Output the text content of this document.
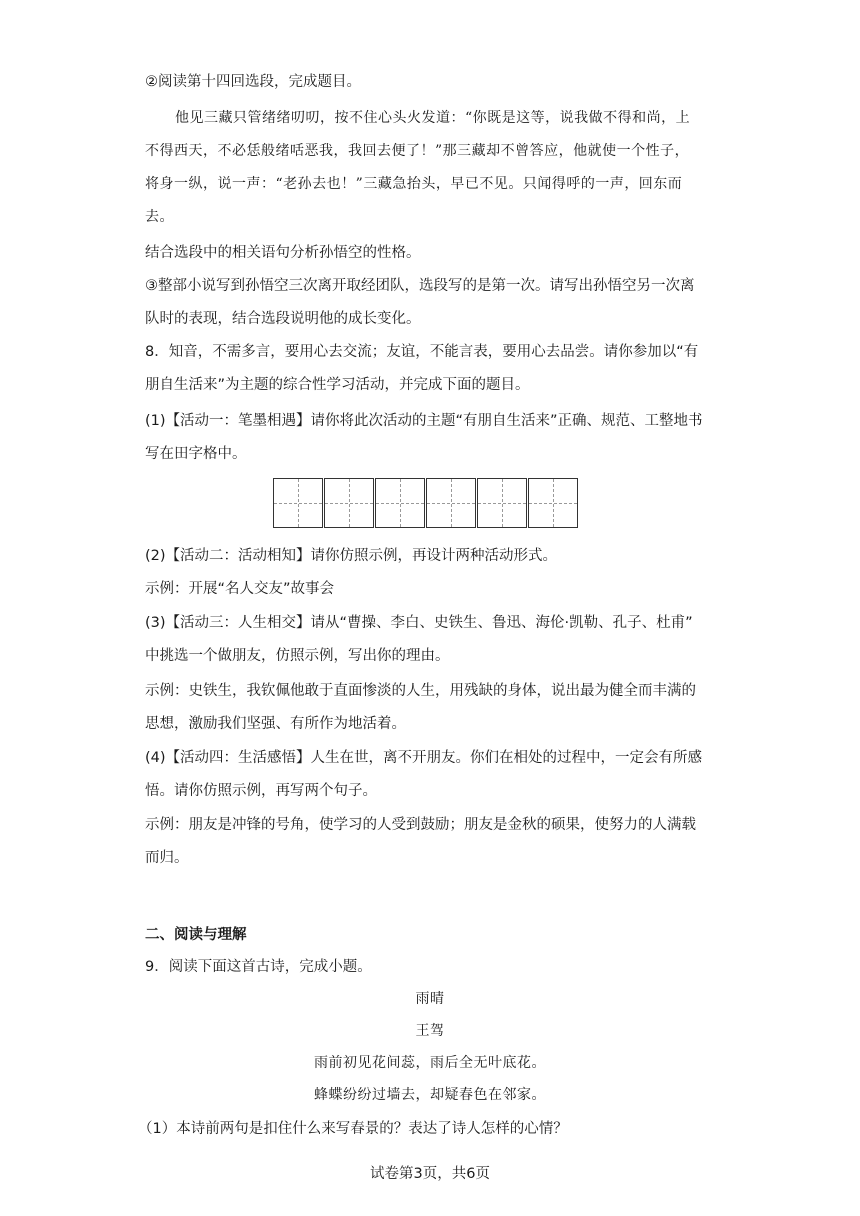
②阅读第十四回选段，完成题目。
他见三藏只管绪绪叨叨，按不住心头火发道：“你既是这等，说我做不得和尚，上
不得西天，不必恁般绪咶恶我，我回去便了！”那三藏却不曾答应，他就使一个性子，
将身一纵，说一声：“老孙去也！”三藏急抬头，早已不见。只闻得呼的一声，回东而
去。
结合选段中的相关语句分析孙悟空的性格。
③整部小说写到孙悟空三次离开取经团队，选段写的是第一次。请写出孙悟空另一次离
队时的表现，结合选段说明他的成长变化。
8．知音，不需多言，要用心去交流；友谊，不能言表，要用心去品尝。请你参加以“有
朋自生活来”为主题的综合性学习活动，并完成下面的题目。
(1)【活动一：笔墨相遇】请你将此次活动的主题“有朋自生活来”正确、规范、工整地书
写在田字格中。
(2)【活动二：活动相知】请你仿照示例，再设计两种活动形式。
示例：开展“名人交友”故事会
(3)【活动三：人生相交】请从“曹操、李白、史铁生、鲁迅、海伦·凯勒、孔子、杜甫”
中挑选一个做朋友，仿照示例，写出你的理由。
示例：史铁生，我钦佩他敢于直面惨淡的人生，用残缺的身体，说出最为健全而丰满的
思想，激励我们坚强、有所作为地活着。
(4)【活动四：生活感悟】人生在世，离不开朋友。你们在相处的过程中，一定会有所感
悟。请你仿照示例，再写两个句子。
示例：朋友是冲锋的号角，使学习的人受到鼓励；朋友是金秋的硕果，使努力的人满载
而归。
二、阅读与理解
9．阅读下面这首古诗，完成小题。
雨晴
王驾
雨前初见花间蕊，雨后全无叶底花。
蜂蝶纷纷过墙去，却疑春色在邻家。
（1）本诗前两句是扣住什么来写春景的？表达了诗人怎样的心情？
试卷第3页，共6页
